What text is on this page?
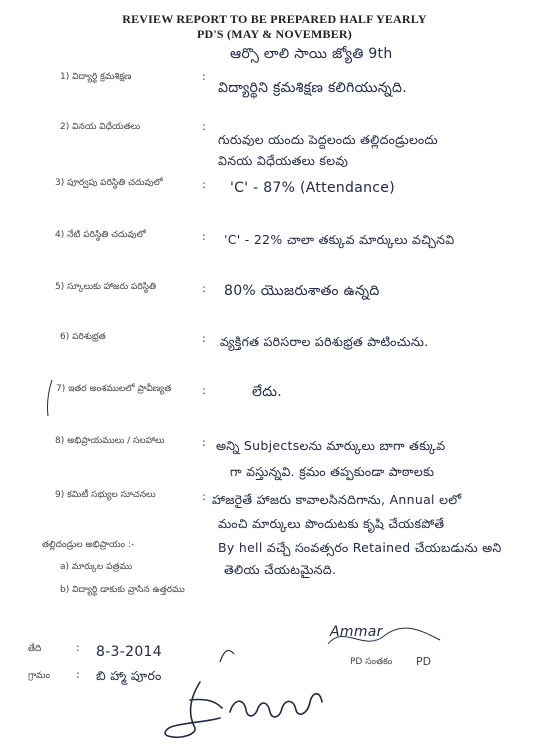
REVIEW REPORT TO BE PREPARED HALF YEARLY
PD'S (MAY & NOVEMBER)
ఆర్సొ లాలి సాయి జ్యోతి 9th
1) విద్యార్థి క్రమశిక్షణ	:
విద్యార్థిని క్రమశిక్షణ కలిగియున్నది.
2) వినయ విధేయతలు	:
గురువుల యందు పెద్దలందు తల్లిదండ్రులందు
వినయ విధేయతలు కలవు
3) పూర్వపు పరిస్థితి చదువులో	: 'C' - 87% (Attendance)
4) నేటి పరిస్థితి చదువులో	: 'C' - 22% చాలా తక్కువ మార్కులు వచ్చినవి
5) స్కూలుకు హాజరు పరిస్థితి	: 80% యొజరుశాతం ఉన్నది
6) పరిశుభ్రత	: వ్యక్తిగత పరిసరాల పరిశుభ్రత పాటించును.
7) ఇతర అంశములలో ప్రావీణ్యత	:	లేదు.
8) అభిప్రాయములు / సలహాలు	: అన్ని Subjectsలను మార్కులు బాగా తక్కువ
గా వస్తున్నవి. క్రమం తప్పకుండా పాఠాలకు
9) కమిటీ సభ్యుల సూచనలు	: హాజరైతే హాజరు కావాలసినదిగాను, Annual లలో
మంచి మార్కులు పొందుటకు కృషి చేయకపోతే
By hell వచ్చే సంవత్సరం Retained చేయబడును అని
తెలియ చేయటమైనది.
తల్లిదండ్రుల అభిప్రాయం :-
a) మార్కుల పత్రము
b) విద్యార్థి డాకుకు వ్రాసిన ఉత్తరము
తేది	: 8-3-2014
గ్రామం : బి హ్మా పూరం
Ammar
PD సంతకం PD
